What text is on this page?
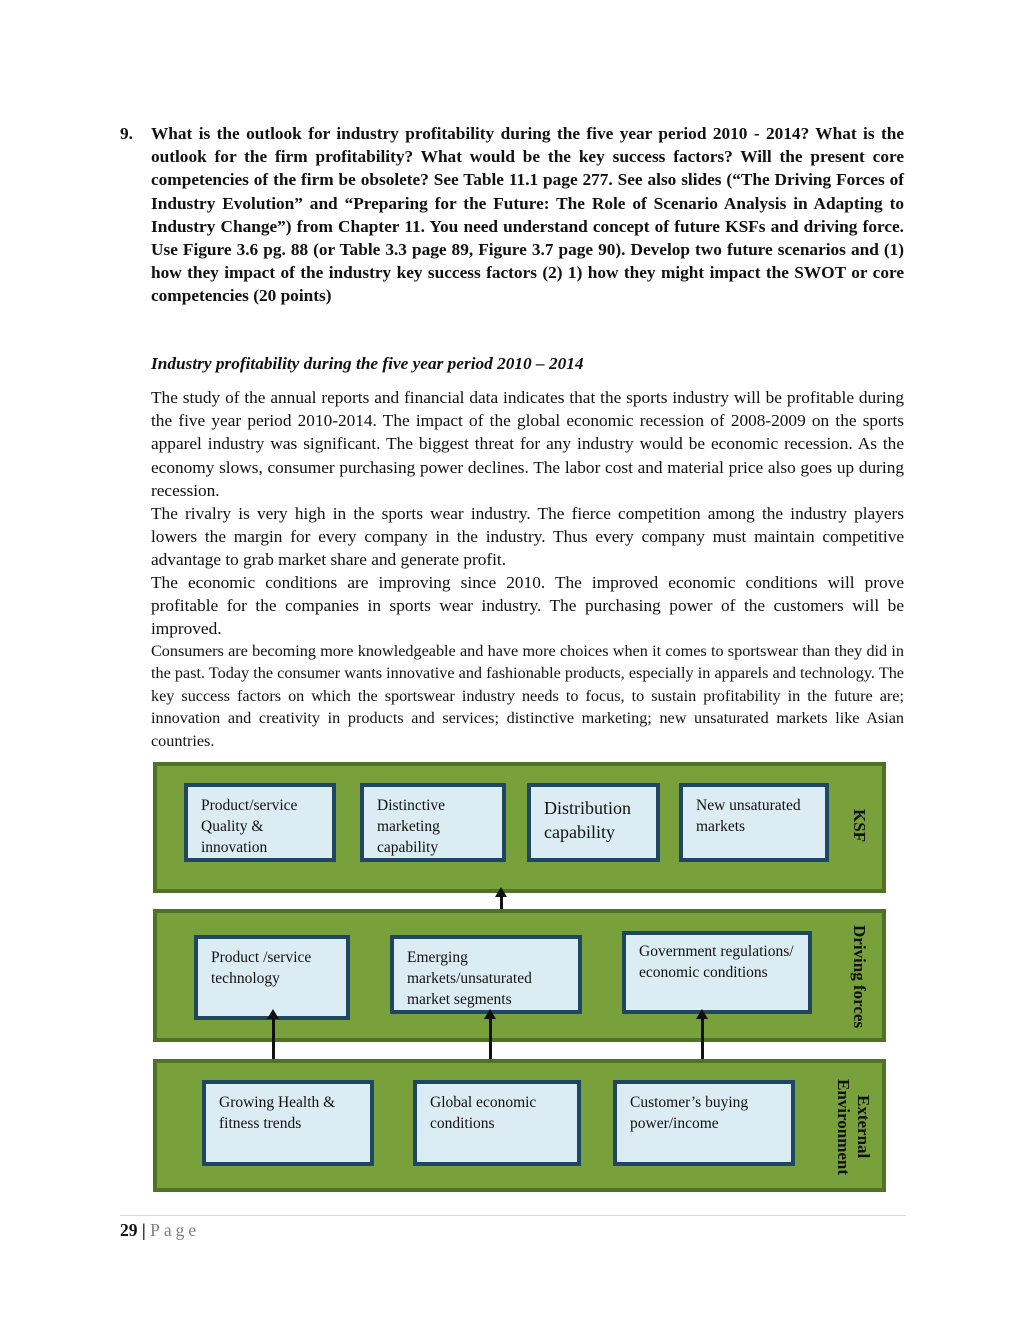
9. What is the outlook for industry profitability during the five year period 2010 - 2014? What is the outlook for the firm profitability? What would be the key success factors? Will the present core competencies of the firm be obsolete? See Table 11.1 page 277. See also slides (“The Driving Forces of Industry Evolution” and “Preparing for the Future: The Role of Scenario Analysis in Adapting to Industry Change”) from Chapter 11. You need understand concept of future KSFs and driving force. Use Figure 3.6 pg. 88 (or Table 3.3 page 89, Figure 3.7 page 90). Develop two future scenarios and (1) how they impact of the industry key success factors (2) 1) how they might impact the SWOT or core competencies (20 points)
Industry profitability during the five year period 2010 – 2014
The study of the annual reports and financial data indicates that the sports industry will be profitable during the five year period 2010-2014. The impact of the global economic recession of 2008-2009 on the sports apparel industry was significant. The biggest threat for any industry would be economic recession. As the economy slows, consumer purchasing power declines. The labor cost and material price also goes up during recession.
The rivalry is very high in the sports wear industry. The fierce competition among the industry players lowers the margin for every company in the industry. Thus every company must maintain competitive advantage to grab market share and generate profit.
The economic conditions are improving since 2010. The improved economic conditions will prove profitable for the companies in sports wear industry. The purchasing power of the customers will be improved.
Consumers are becoming more knowledgeable and have more choices when it comes to sportswear than they did in the past. Today the consumer wants innovative and fashionable products, especially in apparels and technology. The key success factors on which the sportswear industry needs to focus, to sustain profitability in the future are; innovation and creativity in products and services; distinctive marketing; new unsaturated markets like Asian countries.
Product/service Quality & innovation
Distinctive marketing capability
Distribution capability
New unsaturated markets	KSF
Product /service technology
Emerging markets/unsaturated market segments
Government regulations/ economic conditions	Driving forces
Growing Health & fitness trends
Global economic conditions
Customer’s buying power/income	External Environment
29 | Page
